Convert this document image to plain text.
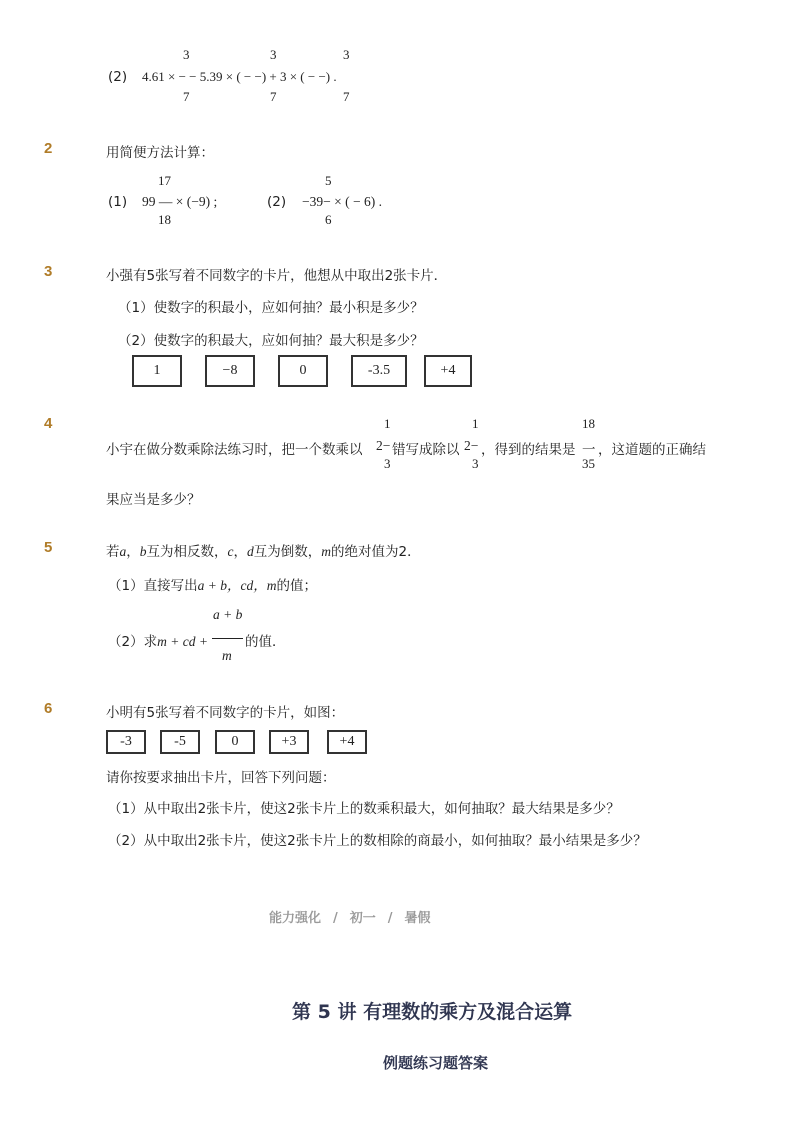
3	3	3
(2) 4.61 × − − 5.39 × ( − −) + 3 × ( − −) .
7	7	7
2	用简便方法计算：
17	5
(1) 99 — × (−9) ;	(2) −39− × ( − 6) .
18	6
3	小强有5张写着不同数字的卡片，他想从中取出2张卡片．
（1）使数字的积最小，应如何抽？最小积是多少？
（2）使数字的积最大，应如何抽？最大积是多少？
1	−8	0	-3.5	+4
4	1	1	18
小宇在做分数乘除法练习时，把一个数乘以 2− 错写成除以 2− ，得到的结果是 一 ，这道题的正确结
3	3	35
果应当是多少？
5	若a，b互为相反数，c，d互为倒数，m的绝对值为2．
（1）直接写出a + b，cd，m的值；
a + b
（2）求m + cd +	的值．
m
6	小明有5张写着不同数字的卡片，如图：
-3	-5	0	+3	+4
请你按要求抽出卡片，回答下列问题：
（1）从中取出2张卡片，使这2张卡片上的数乘积最大，如何抽取？最大结果是多少？
（2）从中取出2张卡片，使这2张卡片上的数相除的商最小，如何抽取？最小结果是多少？
能力强化 / 初一 / 暑假
第 5 讲 有理数的乘方及混合运算
例题练习题答案
